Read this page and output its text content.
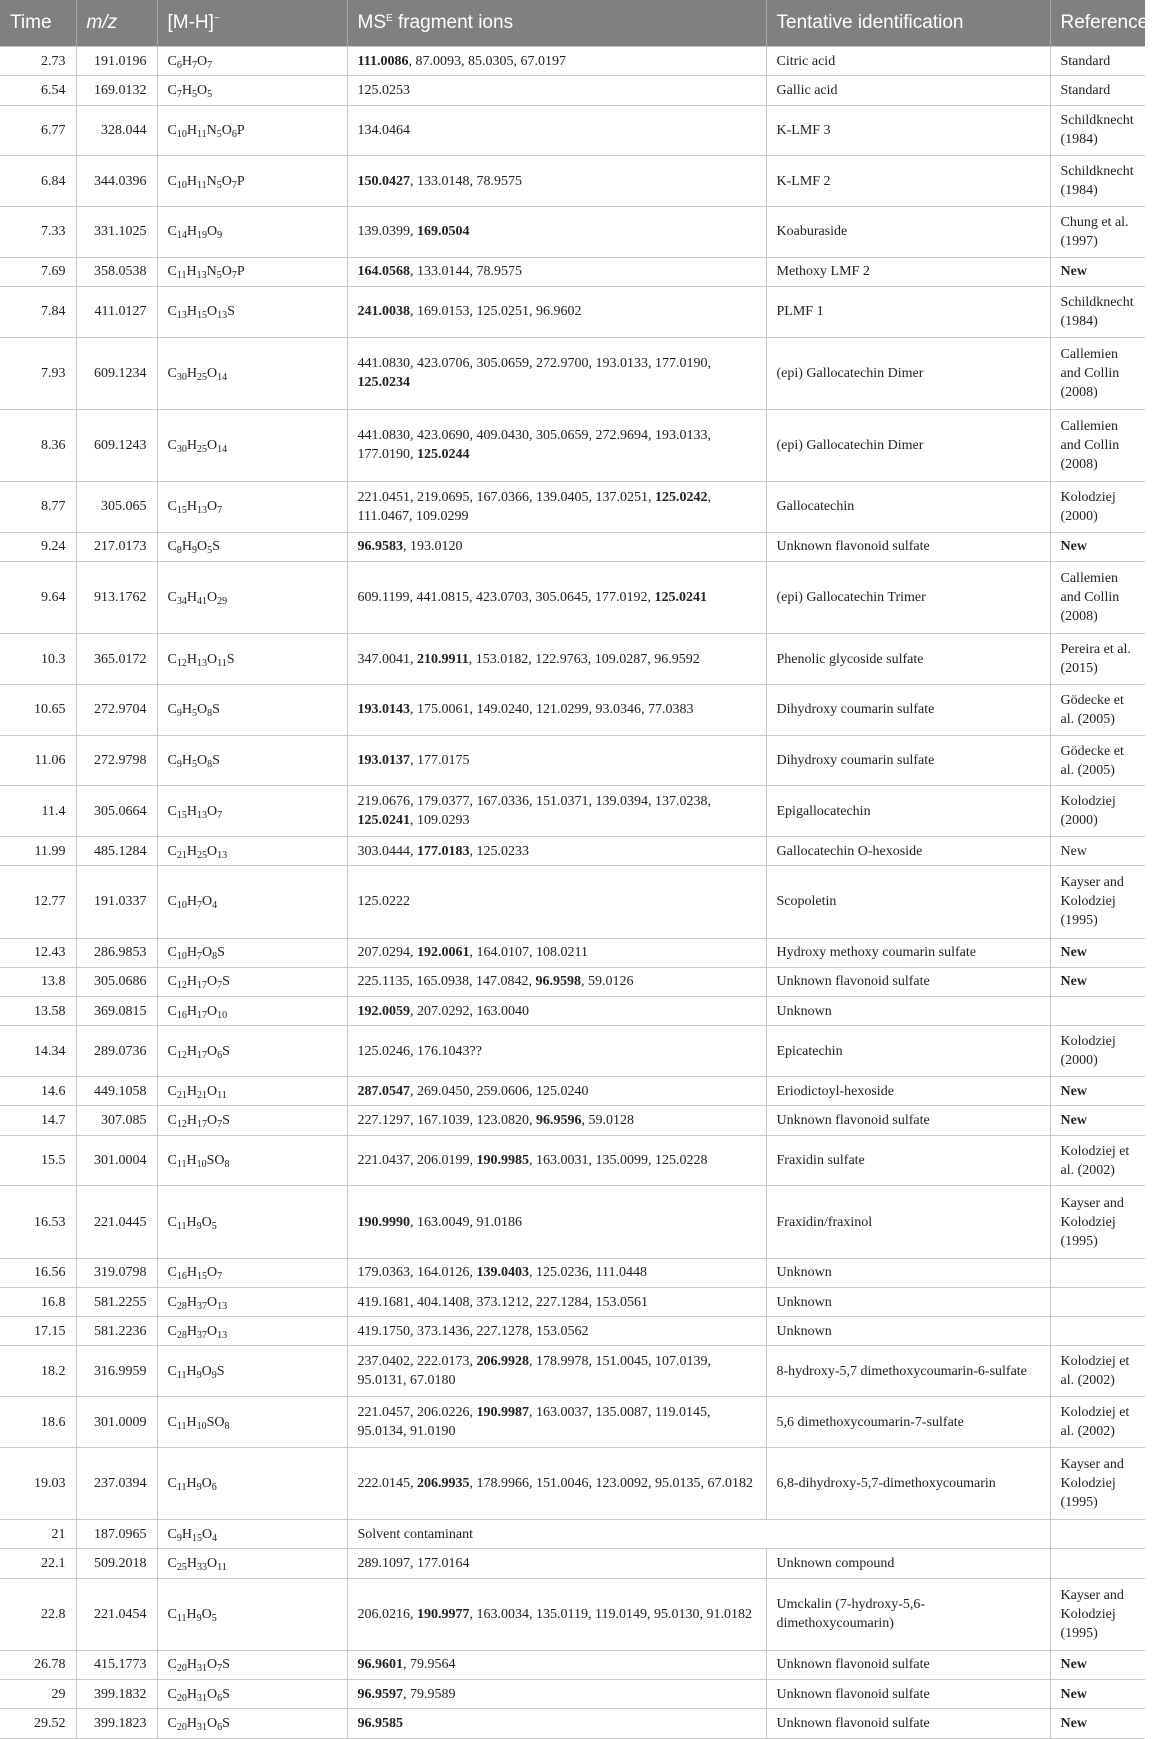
Time	m/z	[M-H]−	$MS^E$ fragment ions	Tentative identification	References
2.73	191.0196	$C_6H_7O_7$	111.0086, 87.0093, 85.0305, 67.0197	Citric acid	Standard
6.54	169.0132	$C_7H_5O_5$	125.0253	Gallic acid	Standard
6.77	328.044	$C_{10}H_{11}N_5O_6P$	134.0464	K-LMF 3	Schildknecht (1984)
6.84	344.0396	$C_{10}H_{11}N_5O_7P$	150.0427, 133.0148, 78.9575	K-LMF 2	Schildknecht (1984)
7.33	331.1025	$C_{14}H_{19}O_9$	139.0399, 169.0504	Koaburaside	Chung et al. (1997)
7.69	358.0538	$C_{11}H_{13}N_5O_7P$	164.0568, 133.0144, 78.9575	Methoxy LMF 2	New
7.84	411.0127	$C_{13}H_{15}O_{13}S$	241.0038, 169.0153, 125.0251, 96.9602	PLMF 1	Schildknecht (1984)
7.93	609.1234	$C_{30}H_{25}O_{14}$	441.0830, 423.0706, 305.0659, 272.9700, 193.0133, 177.0190, 125.0234	(epi) Gallocatechin Dimer	Callemien and Collin (2008)
8.36	609.1243	$C_{30}H_{25}O_{14}$	441.0830, 423.0690, 409.0430, 305.0659, 272.9694, 193.0133, 177.0190, 125.0244	(epi) Gallocatechin Dimer	Callemien and Collin (2008)
8.77	305.065	$C_{15}H_{13}O_7$	221.0451, 219.0695, 167.0366, 139.0405, 137.0251, 125.0242, 111.0467, 109.0299	Gallocatechin	Kolodziej (2000)
9.24	217.0173	$C_8H_9O_5S$	96.9583, 193.0120	Unknown flavonoid sulfate	New
9.64	913.1762	$C_{34}H_{41}O_{29}$	609.1199, 441.0815, 423.0703, 305.0645, 177.0192, 125.0241	(epi) Gallocatechin Trimer	Callemien and Collin (2008)
10.3	365.0172	$C_{12}H_{13}O_{11}S$	347.0041, 210.9911, 153.0182, 122.9763, 109.0287, 96.9592	Phenolic glycoside sulfate	Pereira et al. (2015)
10.65	272.9704	$C_9H_5O_8S$	193.0143, 175.0061, 149.0240, 121.0299, 93.0346, 77.0383	Dihydroxy coumarin sulfate	Gödecke et al. (2005)
11.06	272.9798	$C_9H_5O_8S$	193.0137, 177.0175	Dihydroxy coumarin sulfate	Gödecke et al. (2005)
11.4	305.0664	$C_{15}H_{13}O_7$	219.0676, 179.0377, 167.0336, 151.0371, 139.0394, 137.0238, 125.0241, 109.0293	Epigallocatechin	Kolodziej (2000)
11.99	485.1284	$C_{21}H_{25}O_{13}$	303.0444, 177.0183, 125.0233	Gallocatechin O-hexoside	New
12.77	191.0337	$C_{10}H_7O_4$	125.0222	Scopoletin	Kayser and Kolodziej (1995)
12.43	286.9853	$C_{10}H_7O_8S$	207.0294, 192.0061, 164.0107, 108.0211	Hydroxy methoxy coumarin sulfate	New
13.8	305.0686	$C_{12}H_{17}O_7S$	225.1135, 165.0938, 147.0842, 96.9598, 59.0126	Unknown flavonoid sulfate	New
13.58	369.0815	$C_{16}H_{17}O_{10}$	192.0059, 207.0292, 163.0040	Unknown	
14.34	289.0736	$C_{12}H_{17}O_6S$	125.0246, 176.1043??	Epicatechin	Kolodziej (2000)
14.6	449.1058	$C_{21}H_{21}O_{11}$	287.0547, 269.0450, 259.0606, 125.0240	Eriodictoyl-hexoside	New
14.7	307.085	$C_{12}H_{17}O_7S$	227.1297, 167.1039, 123.0820, 96.9596, 59.0128	Unknown flavonoid sulfate	New
15.5	301.0004	$C_{11}H_{10}SO_8$	221.0437, 206.0199, 190.9985, 163.0031, 135.0099, 125.0228	Fraxidin sulfate	Kolodziej et al. (2002)
16.53	221.0445	$C_{11}H_9O_5$	190.9990, 163.0049, 91.0186	Fraxidin/fraxinol	Kayser and Kolodziej (1995)
16.56	319.0798	$C_{16}H_{15}O_7$	179.0363, 164.0126, 139.0403, 125.0236, 111.0448	Unknown	
16.8	581.2255	$C_{28}H_{37}O_{13}$	419.1681, 404.1408, 373.1212, 227.1284, 153.0561	Unknown	
17.15	581.2236	$C_{28}H_{37}O_{13}$	419.1750, 373.1436, 227.1278, 153.0562	Unknown	
18.2	316.9959	$C_{11}H_9O_9S$	237.0402, 222.0173, 206.9928, 178.9978, 151.0045, 107.0139, 95.0131, 67.0180	8-hydroxy-5,7 dimethoxycoumarin-6-sulfate	Kolodziej et al. (2002)
18.6	301.0009	$C_{11}H_{10}SO_8$	221.0457, 206.0226, 190.9987, 163.0037, 135.0087, 119.0145, 95.0134, 91.0190	5,6 dimethoxycoumarin-7-sulfate	Kolodziej et al. (2002)
19.03	237.0394	$C_{11}H_9O_6$	222.0145, 206.9935, 178.9966, 151.0046, 123.0092, 95.0135, 67.0182	6,8-dihydroxy-5,7-dimethoxycoumarin	Kayser and Kolodziej (1995)
21	187.0965	$C_9H_{15}O_4$	Solvent contaminant		
22.1	509.2018	$C_{25}H_{33}O_{11}$	289.1097, 177.0164	Unknown compound	
22.8	221.0454	$C_{11}H_9O_5$	206.0216, 190.9977, 163.0034, 135.0119, 119.0149, 95.0130, 91.0182	Umckalin (7-hydroxy-5,6-dimethoxycoumarin)	Kayser and Kolodziej (1995)
26.78	415.1773	$C_{20}H_{31}O_7S$	96.9601, 79.9564	Unknown flavonoid sulfate	New
29	399.1832	$C_{20}H_{31}O_6S$	96.9597, 79.9589	Unknown flavonoid sulfate	New
29.52	399.1823	$C_{20}H_{31}O_6S$	96.9585	Unknown flavonoid sulfate	New
